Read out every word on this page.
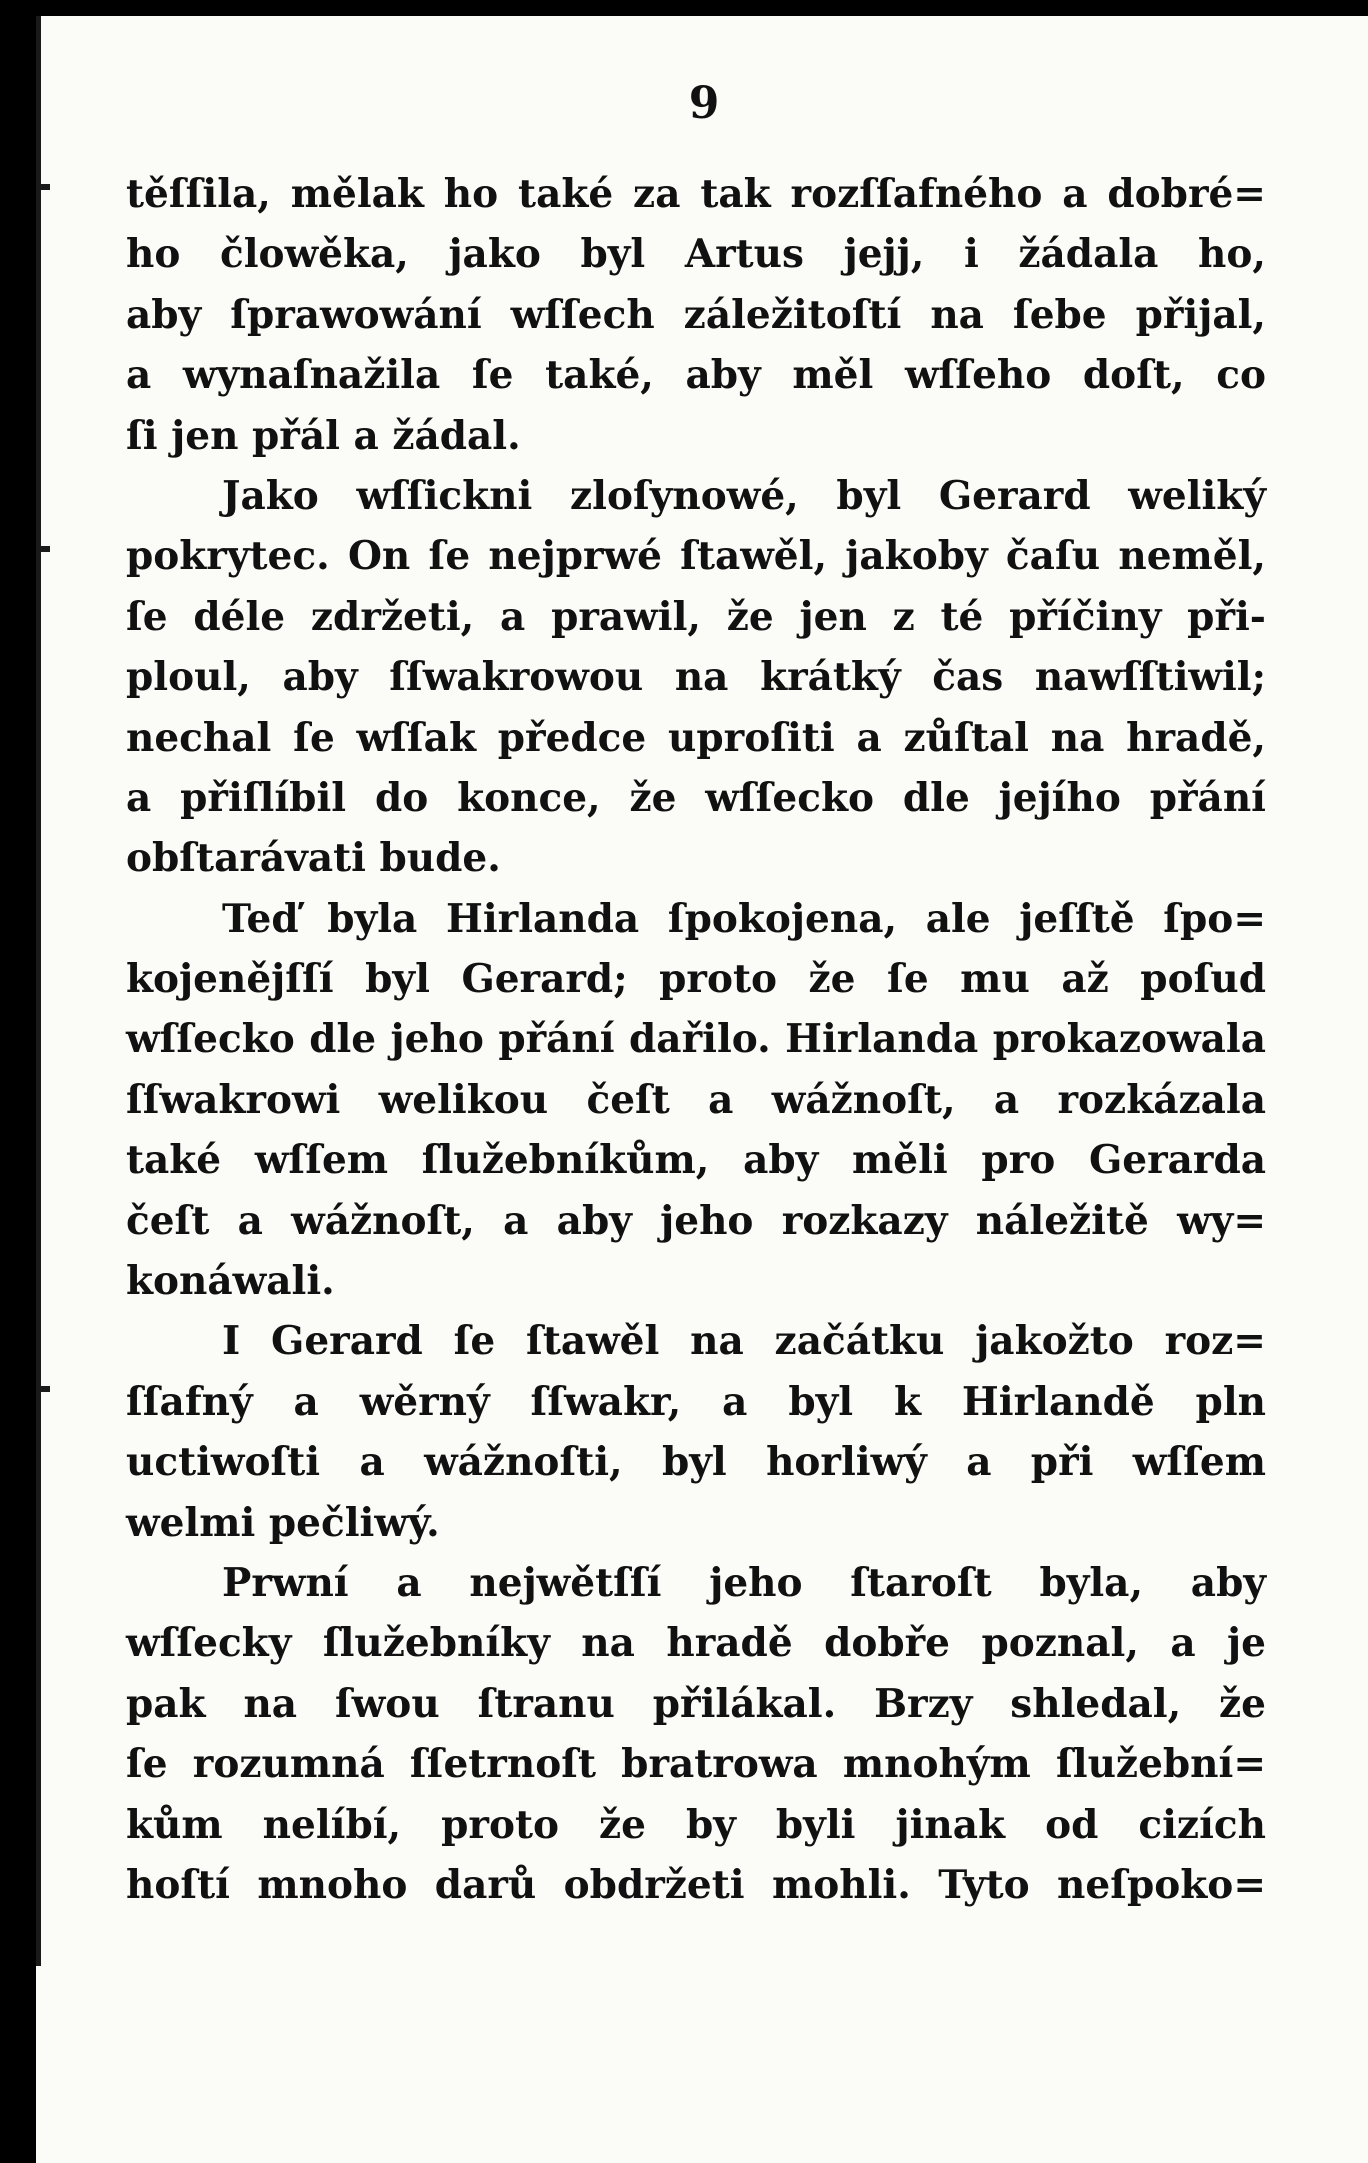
9
těſſila, mělak ho také za tak rozſſafného a dobré=
ho člowěka, jako byl Artus jejj, i žádala ho,
aby ſprawowání wſſech záležitoſtí na ſebe přijal,
a wynaſnažila ſe také, aby měl wſſeho doſt, co
ſi jen přál a žádal.
Jako wſſickni zloſynowé, byl Gerard weliký
pokrytec. On ſe nejprwé ſtawěl, jakoby čaſu neměl,
ſe déle zdržeti, a prawil, že jen z té příčiny při-
ploul, aby ſſwakrowou na krátký čas nawſſtiwil;
nechal ſe wſſak předce uproſiti a zůſtal na hradě,
a přiſlíbil do konce, že wſſecko dle jejího přání
obſtarávati bude.
Teď byla Hirlanda ſpokojena, ale jeſſtě ſpo=
kojenějſſí byl Gerard; proto že ſe mu až poſud
wſſecko dle jeho přání dařilo. Hirlanda prokazowala
ſſwakrowi welikou čeſt a wážnoſt, a rozkázala
také wſſem ſlužebníkům, aby měli pro Gerarda
čeſt a wážnoſt, a aby jeho rozkazy náležitě wy=
konáwali.
I Gerard ſe ſtawěl na začátku jakožto roz=
ſſafný a wěrný ſſwakr, a byl k Hirlandě pln
uctiwoſti a wážnoſti, byl horliwý a při wſſem
welmi pečliwý.
Prwní a nejwětſſí jeho ſtaroſt byla, aby
wſſecky ſlužebníky na hradě dobře poznal, a je
pak na ſwou ſtranu přilákal. Brzy shledal, že
ſe rozumná ſſetrnoſt bratrowa mnohým ſlužební=
kům nelíbí, proto že by byli jinak od cizích
hoſtí mnoho darů obdržeti mohli. Tyto neſpoko=
